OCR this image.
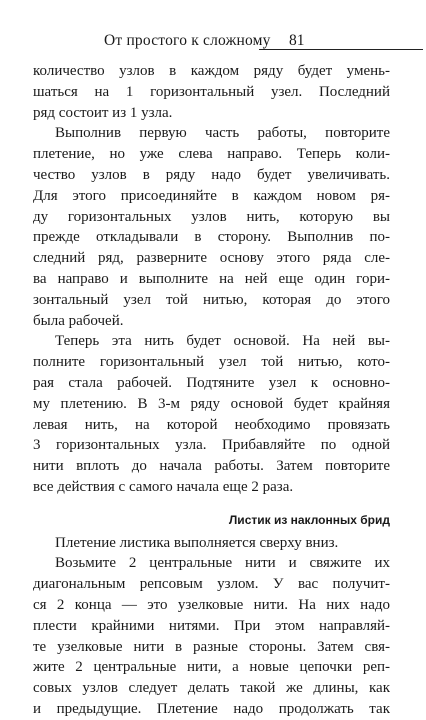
От простого к сложному 81
количество узлов в каждом ряду будет умень-
шаться на 1 горизонтальный узел. Последний
ряд состоит из 1 узла.
Выполнив первую часть работы, повторите
плетение, но уже слева направо. Теперь коли-
чество узлов в ряду надо будет увеличивать.
Для этого присоединяйте в каждом новом ря-
ду горизонтальных узлов нить, которую вы
прежде откладывали в сторону. Выполнив по-
следний ряд, разверните основу этого ряда сле-
ва направо и выполните на ней еще один гори-
зонтальный узел той нитью, которая до этого
была рабочей.
Теперь эта нить будет основой. На ней вы-
полните горизонтальный узел той нитью, кото-
рая стала рабочей. Подтяните узел к основно-
му плетению. В 3-м ряду основой будет крайняя
левая нить, на которой необходимо провязать
3 горизонтальных узла. Прибавляйте по одной
нити вплоть до начала работы. Затем повторите
все действия с самого начала еще 2 раза.
Листик из наклонных брид
Плетение листика выполняется сверху вниз.
Возьмите 2 центральные нити и свяжите их
диагональным репсовым узлом. У вас получит-
ся 2 конца — это узелковые нити. На них надо
плести крайними нитями. При этом направляй-
те узелковые нити в разные стороны. Затем свя-
жите 2 центральные нити, а новые цепочки реп-
совых узлов следует делать такой же длины, как
и предыдущие. Плетение надо продолжать так
